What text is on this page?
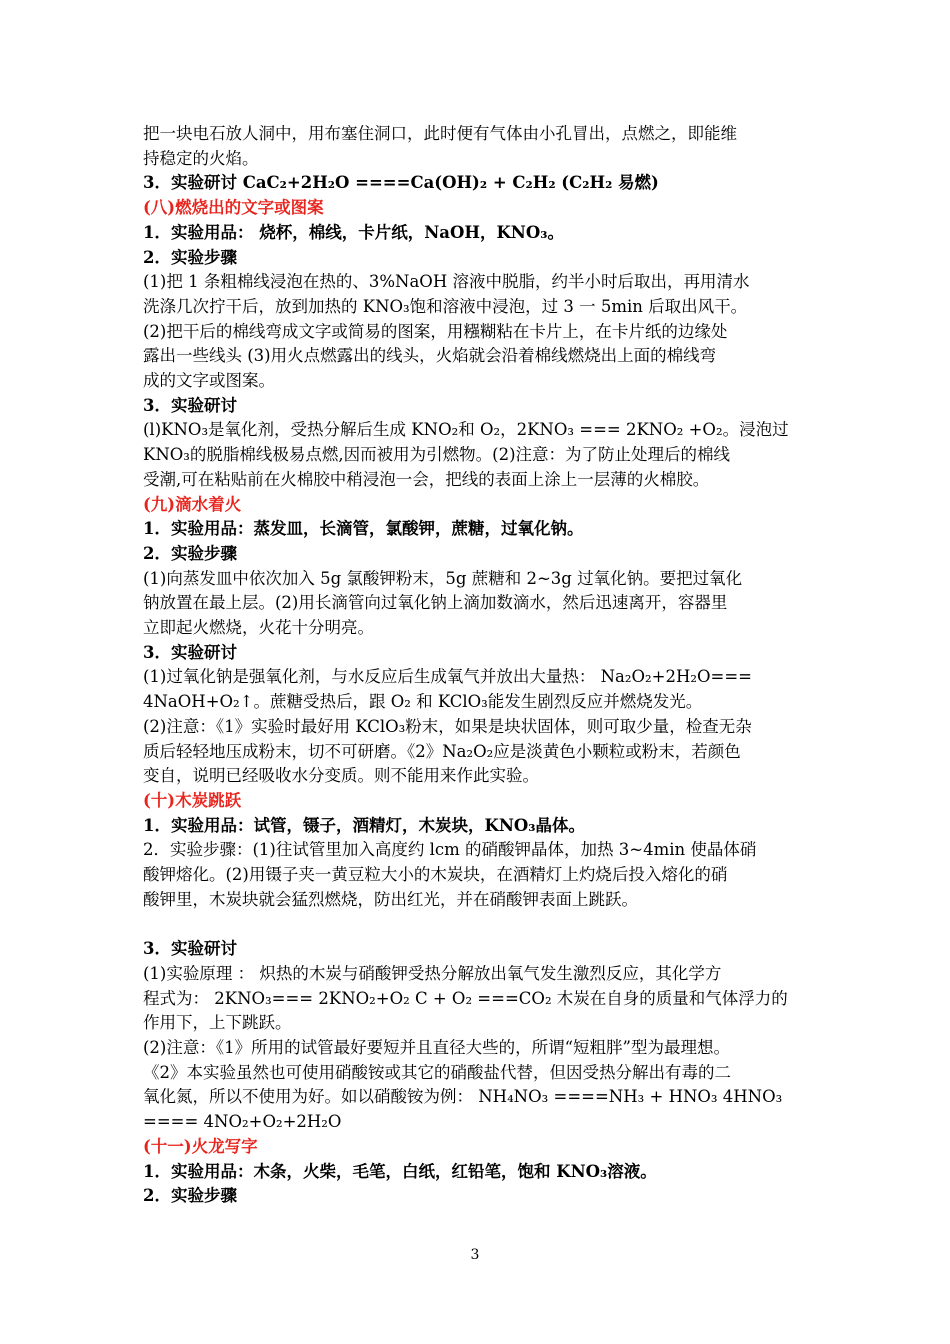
把一块电石放人洞中，用布塞住洞口，此时便有气体由小孔冒出，点燃之，即能维
持稳定的火焰。
3．实验研讨 CaC₂+2H₂O ====Ca(OH)₂ + C₂H₂ (C₂H₂ 易燃)
(八)燃烧出的文字或图案
1．实验用品： 烧杯，棉线，卡片纸，NaOH，KNO₃。
2．实验步骤
(1)把 1 条粗棉线浸泡在热的、3%NaOH 溶液中脱脂，约半小时后取出，再用清水
洗涤几次拧干后，放到加热的 KNO₃饱和溶液中浸泡，过 3 一 5min 后取出风干。
(2)把干后的棉线弯成文字或简易的图案，用糨糊粘在卡片上，在卡片纸的边缘处
露出一些线头 (3)用火点燃露出的线头，火焰就会沿着棉线燃烧出上面的棉线弯
成的文字或图案。
3．实验研讨
(l)KNO₃是氧化剂，受热分解后生成 KNO₂和 O₂，2KNO₃ === 2KNO₂ +O₂。浸泡过
KNO₃的脱脂棉线极易点燃,因而被用为引燃物。(2)注意：为了防止处理后的棉线
受潮,可在粘贴前在火棉胶中稍浸泡一会，把线的表面上涂上一层薄的火棉胶。
(九)滴水着火
1．实验用品：蒸发皿，长滴管，氯酸钾，蔗糖，过氧化钠。
2．实验步骤
(1)向蒸发皿中依次加入 5g 氯酸钾粉末，5g 蔗糖和 2~3g 过氧化钠。要把过氧化
钠放置在最上层。(2)用长滴管向过氧化钠上滴加数滴水，然后迅速离开，容器里
立即起火燃烧，火花十分明亮。
3．实验研讨
(1)过氧化钠是强氧化剂，与水反应后生成氧气并放出大量热： Na₂O₂+2H₂O===
4NaOH+O₂↑。蔗糖受热后，跟 O₂ 和 KClO₃能发生剧烈反应并燃烧发光。
(2)注意：《1》实验时最好用 KClO₃粉末，如果是块状固体，则可取少量，检查无杂
质后轻轻地压成粉末，切不可研磨。《2》Na₂O₂应是淡黄色小颗粒或粉末，若颜色
变自，说明已经吸收水分变质。则不能用来作此实验。
(十)木炭跳跃
1．实验用品：试管，镊子，酒精灯，木炭块，KNO₃晶体。
2．实验步骤：(1)往试管里加入高度约 lcm 的硝酸钾晶体，加热 3~4min 使晶体硝
酸钾熔化。(2)用镊子夹一黄豆粒大小的木炭块，在酒精灯上灼烧后投入熔化的硝
酸钾里，木炭块就会猛烈燃烧，防出红光，并在硝酸钾表面上跳跃。
3．实验研讨
(1)实验原理 ： 炽热的木炭与硝酸钾受热分解放出氧气发生激烈反应，其化学方
程式为： 2KNO₃=== 2KNO₂+O₂ C + O₂ ===CO₂ 木炭在自身的质量和气体浮力的
作用下，上下跳跃。
(2)注意：《1》所用的试管最好要短并且直径大些的，所谓“短粗胖”型为最理想。
《2》本实验虽然也可使用硝酸铵或其它的硝酸盐代替，但因受热分解出有毒的二
氧化氮，所以不使用为好。如以硝酸铵为例： NH₄NO₃ ====NH₃ + HNO₃ 4HNO₃
==== 4NO₂+O₂+2H₂O
(十一)火龙写字
1．实验用品：木条，火柴，毛笔，白纸，红铅笔，饱和 KNO₃溶液。
2．实验步骤
3
